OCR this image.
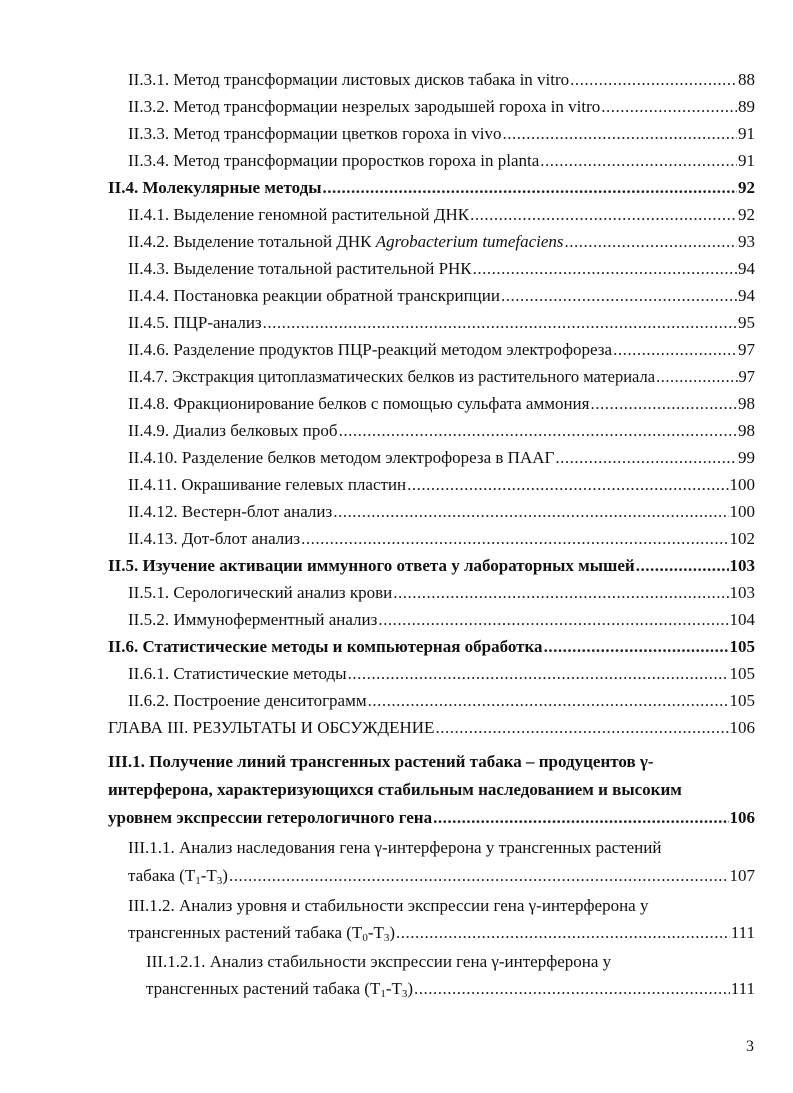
II.3.1. Метод трансформации листовых дисков табака in vitro .....	88
II.3.2. Метод трансформации незрелых зародышей гороха in vitro .....	89
II.3.3. Метод трансформации цветков гороха in vivo .....	91
II.3.4. Метод трансформации проростков гороха in planta .....	91
II.4. Молекулярные методы .....	92
II.4.1. Выделение геномной растительной ДНК .....	92
II.4.2. Выделение тотальной ДНК Agrobacterium tumefaciens .....	93
II.4.3. Выделение тотальной растительной РНК .....	94
II.4.4. Постановка реакции обратной транскрипции .....	94
II.4.5. ПЦР-анализ .....	95
II.4.6. Разделение продуктов ПЦР-реакций методом электрофореза .....	97
II.4.7. Экстракция цитоплазматических белков из растительного материала .....	97
II.4.8. Фракционирование белков с помощью сульфата аммония .....	98
II.4.9. Диализ белковых проб .....	98
II.4.10. Разделение белков методом электрофореза в ПААГ .....	99
II.4.11. Окрашивание гелевых пластин .....	100
II.4.12. Вестерн-блот анализ .....	100
II.4.13. Дот-блот анализ .....	102
II.5. Изучение активации иммунного ответа у лабораторных мышей .....	103
II.5.1. Серологический анализ крови .....	103
II.5.2. Иммуноферментный анализ .....	104
II.6. Статистические методы и компьютерная обработка .....	105
II.6.1. Статистические методы .....	105
II.6.2. Построение денситограмм .....	105
ГЛАВА III. РЕЗУЛЬТАТЫ И ОБСУЖДЕНИЕ .....	106
III.1. Получение линий трансгенных растений табака – продуцентов γ-
интерферона, характеризующихся стабильным наследованием и высоким
уровнем экспрессии гетерологичного гена .....	106
III.1.1. Анализ наследования гена γ-интерферона у трансгенных растений
табака $(T_1-T_3)$ .....	107
III.1.2. Анализ уровня и стабильности экспрессии гена γ-интерферона у
трансгенных растений табака $(T_0-T_3)$ .....	111
III.1.2.1. Анализ стабильности экспрессии гена γ-интерферона у
трансгенных растений табака $(T_1-T_3)$ .....	111
3
